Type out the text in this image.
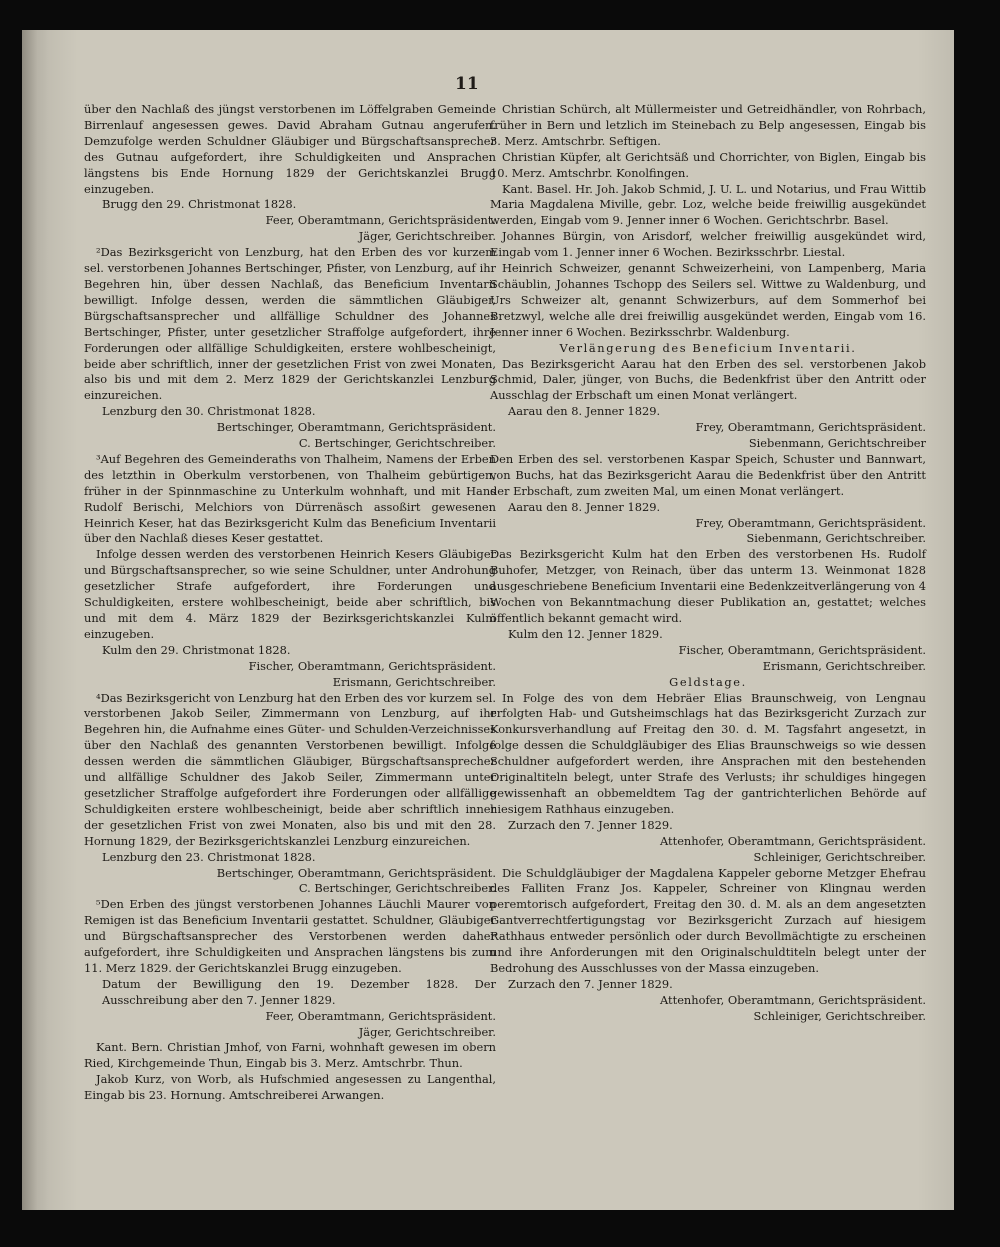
11

über den Nachlaß des jüngst verstorbenen im Löffelgraben Gemeinde Birrenlauf angesessen gewes. David Abraham Gutnau angerufen. Demzufolge werden Schuldner Gläubiger und Bürgschaftsansprecher des Gutnau aufgefordert, ihre Schuldigkeiten und Ansprachen längstens bis Ende Hornung 1829 der Gerichtskanzlei Brugg einzugeben.

Brugg den 29. Christmonat 1828.

Feer, Oberamtmann, Gerichtspräsident.

Jäger, Gerichtschreiber.

²Das Bezirksgericht von Lenzburg, hat den Erben des vor kurzem sel. verstorbenen Johannes Bertschinger, Pfister, von Lenzburg, auf ihr Begehren hin, über dessen Nachlaß, das Beneficium Inventarii bewilligt. Infolge dessen, werden die sämmtlichen Gläubiger, Bürgschaftsansprecher und allfällige Schuldner des Johannes Bertschinger, Pfister, unter gesetzlicher Straffolge aufgefordert, ihre Forderungen oder allfällige Schuldigkeiten, erstere wohlbescheinigt, beide aber schriftlich, inner der gesetzlichen Frist von zwei Monaten, also bis und mit dem 2. Merz 1829 der Gerichtskanzlei Lenzburg einzureichen.

Lenzburg den 30. Christmonat 1828.

Bertschinger, Oberamtmann, Gerichtspräsident.

C. Bertschinger, Gerichtschreiber.

³Auf Begehren des Gemeinderaths von Thalheim, Namens der Erben des letzthin in Oberkulm verstorbenen, von Thalheim gebürtigen, früher in der Spinnmaschine zu Unterkulm wohnhaft, und mit Hans Rudolf Berischi, Melchiors von Dürrenäsch assoßirt gewesenen Heinrich Keser, hat das Bezirksgericht Kulm das Beneficium Inventarii über den Nachlaß dieses Keser gestattet.

Infolge dessen werden des verstorbenen Heinrich Kesers Gläubiger und Bürgschaftsansprecher, so wie seine Schuldner, unter Androhung gesetzlicher Strafe aufgefordert, ihre Forderungen und Schuldigkeiten, erstere wohlbescheinigt, beide aber schriftlich, bis und mit dem 4. März 1829 der Bezirksgerichtskanzlei Kulm einzugeben.

Kulm den 29. Christmonat 1828.

Fischer, Oberamtmann, Gerichtspräsident.

Erismann, Gerichtschreiber.

⁴Das Bezirksgericht von Lenzburg hat den Erben des vor kurzem sel. verstorbenen Jakob Seiler, Zimmermann von Lenzburg, auf ihr Begehren hin, die Aufnahme eines Güter- und Schulden-Verzeichnisses über den Nachlaß des genannten Verstorbenen bewilligt. Infolge dessen werden die sämmtlichen Gläubiger, Bürgschaftsansprecher und allfällige Schuldner des Jakob Seiler, Zimmermann unter gesetzlicher Straffolge aufgefordert ihre Forderungen oder allfällige Schuldigkeiten erstere wohlbescheinigt, beide aber schriftlich inner der gesetzlichen Frist von zwei Monaten, also bis und mit den 28. Hornung 1829, der Bezirksgerichtskanzlei Lenzburg einzureichen.

Lenzburg den 23. Christmonat 1828.

Bertschinger, Oberamtmann, Gerichtspräsident.

C. Bertschinger, Gerichtschreiber.

⁵Den Erben des jüngst verstorbenen Johannes Läuchli Maurer von Remigen ist das Beneficium Inventarii gestattet. Schuldner, Gläubiger und Bürgschaftsansprecher des Verstorbenen werden daher aufgefordert, ihre Schuldigkeiten und Ansprachen längstens bis zum 11. Merz 1829. der Gerichtskanzlei Brugg einzugeben.

Datum der Bewilligung den 19. Dezember 1828. Der Ausschreibung aber den 7. Jenner 1829.

Feer, Oberamtmann, Gerichtspräsident.

Jäger, Gerichtschreiber.

Kant. Bern. Christian Jmhof, von Farni, wohnhaft gewesen im obern Ried, Kirchgemeinde Thun, Eingab bis 3. Merz. Amtschrbr. Thun.

Jakob Kurz, von Worb, als Hufschmied angesessen zu Langenthal, Eingab bis 23. Hornung. Amtschreiberei Arwangen.

Christian Schürch, alt Müllermeister und Getreidhändler, von Rohrbach, früher in Bern und letzlich im Steinebach zu Belp angesessen, Eingab bis 3. Merz. Amtschrbr. Seftigen.

Christian Küpfer, alt Gerichtsäß und Chorrichter, von Biglen, Eingab bis 10. Merz. Amtschrbr. Konolfingen.

Kant. Basel. Hr. Joh. Jakob Schmid, J. U. L. und Notarius, und Frau Wittib Maria Magdalena Miville, gebr. Loz, welche beide freiwillig ausgekündet werden, Eingab vom 9. Jenner inner 6 Wochen. Gerichtschrbr. Basel.

Johannes Bürgin, von Arisdorf, welcher freiwillig ausgekündet wird, Eingab vom 1. Jenner inner 6 Wochen. Bezirksschrbr. Liestal.

Heinrich Schweizer, genannt Schweizerheini, von Lampenberg, Maria Schäublin, Johannes Tschopp des Seilers sel. Wittwe zu Waldenburg, und Urs Schweizer alt, genannt Schwizerburs, auf dem Sommerhof bei Bretzwyl, welche alle drei freiwillig ausgekündet werden, Eingab vom 16. Jenner inner 6 Wochen. Bezirksschrbr. Waldenburg.

Verlängerung des Beneficium Inventarii.

Das Bezirksgericht Aarau hat den Erben des sel. verstorbenen Jakob Schmid, Daler, jünger, von Buchs, die Bedenkfrist über den Antritt oder Ausschlag der Erbschaft um einen Monat verlängert.

Aarau den 8. Jenner 1829.

Frey, Oberamtmann, Gerichtspräsident.

Siebenmann, Gerichtschreiber

Den Erben des sel. verstorbenen Kaspar Speich, Schuster und Bannwart, von Buchs, hat das Bezirksgericht Aarau die Bedenkfrist über den Antritt der Erbschaft, zum zweiten Mal, um einen Monat verlängert.

Aarau den 8. Jenner 1829.

Frey, Oberamtmann, Gerichtspräsident.

Siebenmann, Gerichtschreiber.

Das Bezirksgericht Kulm hat den Erben des verstorbenen Hs. Rudolf Buhofer, Metzger, von Reinach, über das unterm 13. Weinmonat 1828 ausgeschriebene Beneficium Inventarii eine Bedenkzeitverlängerung von 4 Wochen von Bekanntmachung dieser Publikation an, gestattet; welches öffentlich bekannt gemacht wird.

Kulm den 12. Jenner 1829.

Fischer, Oberamtmann, Gerichtspräsident.

Erismann, Gerichtschreiber.

Geldstage.

In Folge des von dem Hebräer Elias Braunschweig, von Lengnau erfolgten Hab- und Gutsheimschlags hat das Bezirksgericht Zurzach zur Konkursverhandlung auf Freitag den 30. d. M. Tagsfahrt angesetzt, in folge dessen die Schuldgläubiger des Elias Braunschweigs so wie dessen Schuldner aufgefordert werden, ihre Ansprachen mit den bestehenden Originaltiteln belegt, unter Strafe des Verlusts; ihr schuldiges hingegen gewissenhaft an obbemeldtem Tag der gantrichterlichen Behörde auf hiesigem Rathhaus einzugeben.

Zurzach den 7. Jenner 1829.

Attenhofer, Oberamtmann, Gerichtspräsident.

Schleiniger, Gerichtschreiber.

Die Schuldgläubiger der Magdalena Kappeler geborne Metzger Ehefrau des Falliten Franz Jos. Kappeler, Schreiner von Klingnau werden peremtorisch aufgefordert, Freitag den 30. d. M. als an dem angesetzten Gantverrechtfertigungstag vor Bezirksgericht Zurzach auf hiesigem Rathhaus entweder persönlich oder durch Bevollmächtigte zu erscheinen und ihre Anforderungen mit den Originalschuldtiteln belegt unter der Bedrohung des Ausschlusses von der Massa einzugeben.

Zurzach den 7. Jenner 1829.

Attenhofer, Oberamtmann, Gerichtspräsident.

Schleiniger, Gerichtschreiber.
